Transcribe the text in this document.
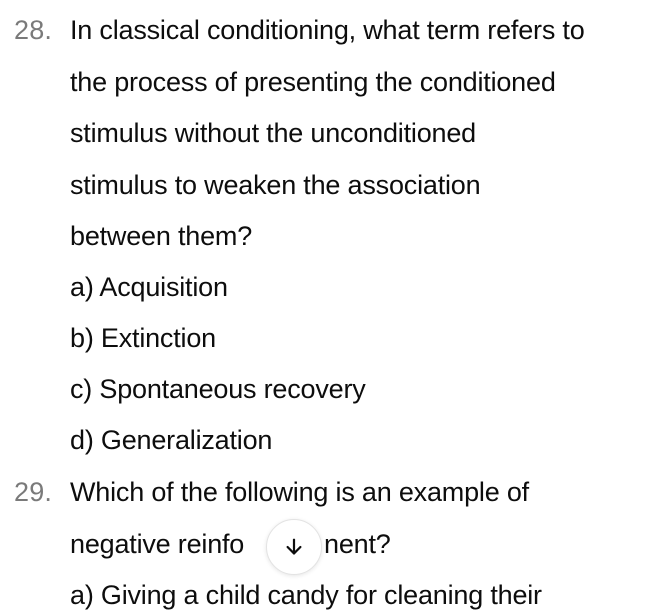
28. In classical conditioning, what term refers to
the process of presenting the conditioned
stimulus without the unconditioned
stimulus to weaken the association
between them?
a) Acquisition
b) Extinction
c) Spontaneous recovery
d) Generalization
29. Which of the following is an example of
negative reinfo	nent?
a) Giving a child candy for cleaning their
